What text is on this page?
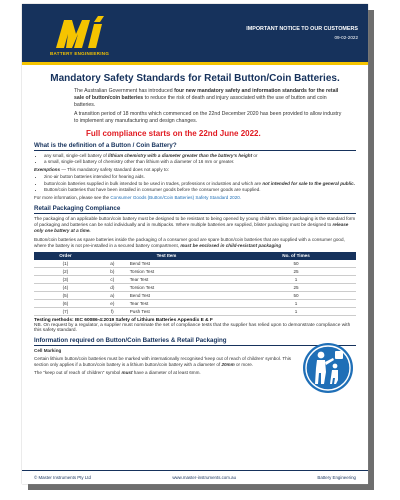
BATTERY ENGINEERING
IMPORTANT NOTICE TO OUR CUSTOMERS
09-02-2022
Mandatory Safety Standards for Retail Button/Coin Batteries.

The Australian Government has introduced four new mandatory safety and information standards for the retail sale of button/coin batteries to reduce the risk of death and injury associated with the use of button and coin batteries.

A transition period of 18 months which commenced on the 22nd December 2020 has been provided to allow industry to implement any manufacturing and design changes.

Full compliance starts on the 22nd June 2022.
What is the definition of a Button / Coin Battery?
• any small, single-cell battery of lithium chemistry with a diameter greater than the battery's height or
• a small, single-cell battery of chemistry other than lithium with a diameter of 16 mm or greater.
Exemptions — This mandatory safety standard does not apply to:
• zinc-air button batteries intended for hearing aids.
• button/coin batteries supplied in bulk intended to be used in trades, professions or industries and which are not intended for sale to the general public.
• Button/coin batteries that have been installed in consumer goods before the consumer goods are supplied.
For more information, please see the Consumer Goods (Button/Coin Batteries) Safety Standard 2020.
Retail Packaging Compliance
The packaging of an applicable button/coin battery must be designed to be resistant to being opened by young children. Blister packaging is the standard form of packaging and batteries can be sold individually and in multipacks. Where multiple batteries are supplied, blister packaging must be designed to release only one battery at a time.
Button/coin batteries as spare batteries inside the packaging of a consumer good are spare button/coin batteries that are supplied with a consumer good, where the battery is not pre-installed in a secured battery compartment, must be enclosed in child-resistant packaging
Order	Test Item		No. of Times
(1)	a)	Bend Test	50
(2)	b)	Torsion Test	25
(3)	c)	Tear Test	1
(4)	d)	Torsion Test	25
(5)	a)	Bend Test	50
(6)	e)	Tear Test	1
(7)	f)	Push Test	1
Testing methods: IEC 60086-4:2019 Safety of Lithium Batteries Appendix E & F
NB. On request by a regulator, a supplier must nominate the set of compliance tests that the supplier has relied upon to demonstrate compliance with this safety standard.
Information required on Button/Coin Batteries & Retail Packaging
Cell Marking
Certain lithium button/coin batteries must be marked with internationally recognised 'keep out of reach of children' symbol. This section only applies if a button/coin battery is a lithium button/coin battery with a diameter of 20mm or more.
The "keep out of reach of children" symbol must have a diameter of at least 6mm.
© Master Instruments Pty Ltd	www.master-instruments.com.au	Battery Engineering
